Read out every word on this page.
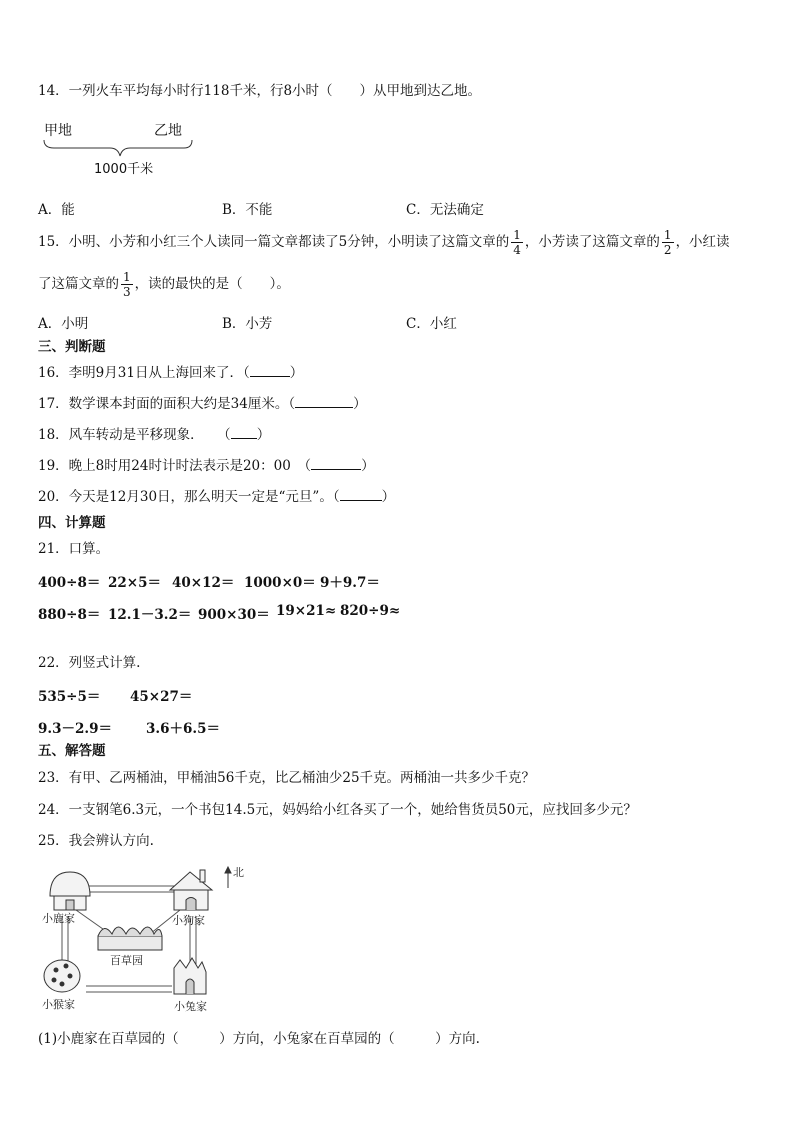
14．一列火车平均每小时行118千米，行8小时（　　）从甲地到达乙地。
甲地	乙地
1000千米
A．能	B．不能	C．无法确定
15．小明、小芳和小红三个人读同一篇文章都读了5分钟，小明读了这篇文章的 $\frac{1}{4}$ ，小芳读了这篇文章的 $\frac{1}{2}$ ，小红读
了这篇文章的 $\frac{1}{3}$ ，读的最快的是（　　）。
A．小明	B．小芳	C．小红
三、判断题
16．李明9月31日从上海回来了．（	）
17．数学课本封面的面积大约是34厘米。（	）
18．风车转动是平移现象．　　（ ）
19．晚上8时用24时计时法表示是20：00　（	）
20．今天是12月30日，那么明天一定是“元旦”。（	）
四、计算题
21．口算。
400÷8＝ 22×5＝ 40×12＝ 1000×0＝ 9＋9.7＝
880÷8＝ 12.1－3.2＝ 900×30＝ 19×21≈ 820÷9≈
22．列竖式计算.
535÷5＝ 45×27＝
9.3－2.9＝	3.6＋6.5＝
五、解答题
23．有甲、乙两桶油，甲桶油56千克，比乙桶油少25千克。两桶油一共多少千克？
24．一支钢笔6.3元，一个书包14.5元，妈妈给小红各买了一个，她给售货员50元，应找回多少元？
25．我会辨认方向.
北
小鹿家	小狗家
百草园
小猴家	小兔家
(1)小鹿家在百草园的（　　　）方向，小兔家在百草园的（　　　）方向.
